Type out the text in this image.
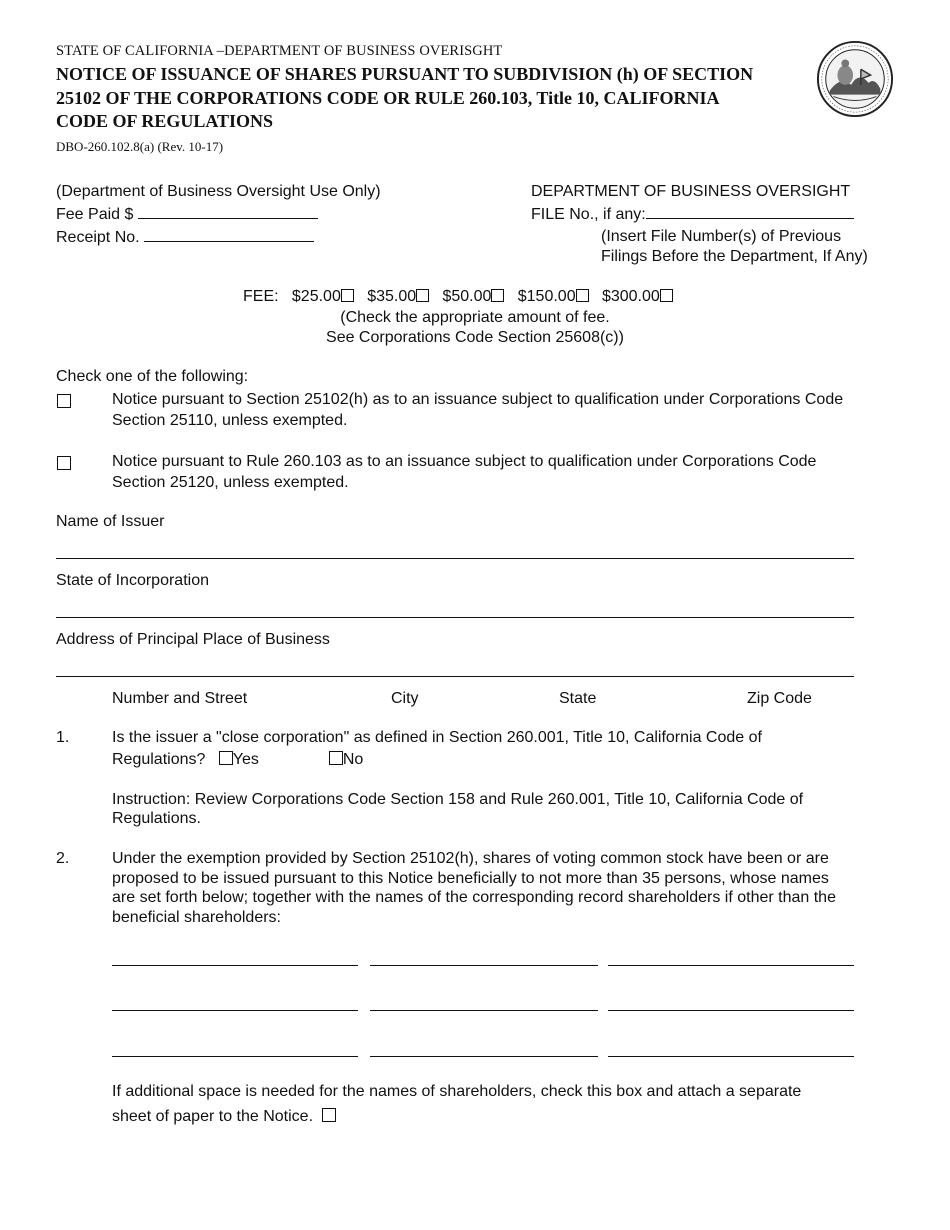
STATE OF CALIFORNIA –DEPARTMENT OF BUSINESS OVERISGHT
NOTICE OF ISSUANCE OF SHARES PURSUANT TO SUBDIVISION (h) OF SECTION
25102 OF THE CORPORATIONS CODE OR RULE 260.103, Title 10, CALIFORNIA
CODE OF REGULATIONS
DBO-260.102.8(a) (Rev. 10-17)
(Department of Business Oversight Use Only)
Fee Paid $
Receipt No.
DEPARTMENT OF BUSINESS OVERSIGHT
FILE No., if any:
(Insert File Number(s) of Previous
Filings Before the Department, If Any)
FEE: $25.00 $35.00 $50.00 $150.00 $300.00
(Check the appropriate amount of fee.
See Corporations Code Section 25608(c))
Check one of the following:
Notice pursuant to Section 25102(h) as to an issuance subject to qualification under Corporations Code
Section 25110, unless exempted.
Notice pursuant to Rule 260.103 as to an issuance subject to qualification under Corporations Code
Section 25120, unless exempted.
Name of Issuer
State of Incorporation
Address of Principal Place of Business
Number and Street	City	State	Zip Code
1.	Is the issuer a "close corporation" as defined in Section 260.001, Title 10, California Code of
Regulations? Yes	No
Instruction: Review Corporations Code Section 158 and Rule 260.001, Title 10, California Code of
Regulations.
2.	Under the exemption provided by Section 25102(h), shares of voting common stock have been or are
proposed to be issued pursuant to this Notice beneficially to not more than 35 persons, whose names
are set forth below; together with the names of the corresponding record shareholders if other than the
beneficial shareholders:
If additional space is needed for the names of shareholders, check this box and attach a separate
sheet of paper to the Notice.
